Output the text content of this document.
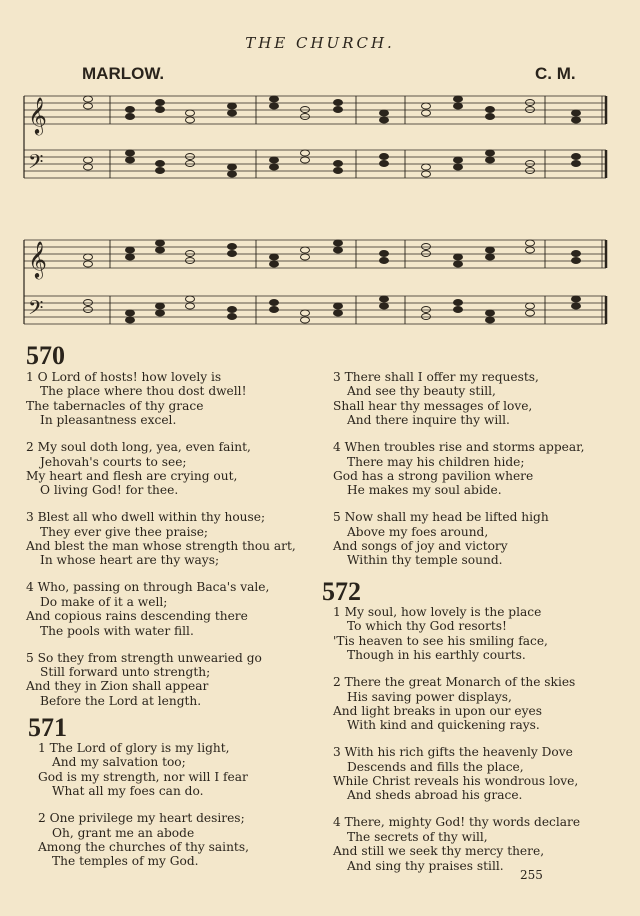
THE CHURCH.
MARLOW.	C. M.
𝄞
𝄢
𝄞
𝄢
570
1 O Lord of hosts! how lovely is
The place where thou dost dwell!
The tabernacles of thy grace
In pleasantness excel.
2 My soul doth long, yea, even faint,
Jehovah's courts to see;
My heart and flesh are crying out,
O living God! for thee.
3 Blest all who dwell within thy house;
They ever give thee praise;
And blest the man whose strength thou art,
In whose heart are thy ways;
4 Who, passing on through Baca's vale,
Do make of it a well;
And copious rains descending there
The pools with water fill.
5 So they from strength unwearied go
Still forward unto strength;
And they in Zion shall appear
Before the Lord at length.
571
1 The Lord of glory is my light,
And my salvation too;
God is my strength, nor will I fear
What all my foes can do.
2 One privilege my heart desires;
Oh, grant me an abode
Among the churches of thy saints,
The temples of my God.
3 There shall I offer my requests,
And see thy beauty still,
Shall hear thy messages of love,
And there inquire thy will.
4 When troubles rise and storms appear,
There may his children hide;
God has a strong pavilion where
He makes my soul abide.
5 Now shall my head be lifted high
Above my foes around,
And songs of joy and victory
Within thy temple sound.
572
1 My soul, how lovely is the place
To which thy God resorts!
'Tis heaven to see his smiling face,
Though in his earthly courts.
2 There the great Monarch of the skies
His saving power displays,
And light breaks in upon our eyes
With kind and quickening rays.
3 With his rich gifts the heavenly Dove
Descends and fills the place,
While Christ reveals his wondrous love,
And sheds abroad his grace.
4 There, mighty God! thy words declare
The secrets of thy will,
And still we seek thy mercy there,
And sing thy praises still.
255
